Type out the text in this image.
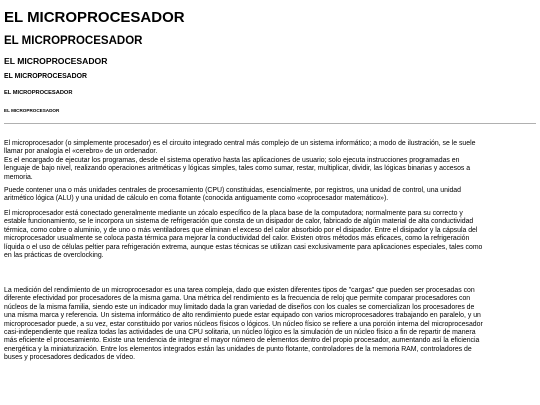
EL MICROPROCESADOR
EL MICROPROCESADOR
EL MICROPROCESADOR
EL MICROPROCESADOR
EL MICROPROCESADOR
EL MICROPROCESADOR

El microprocesador (o simplemente procesador) es el circuito integrado central más complejo de un sistema informático; a modo de ilustración, se le suele
llamar por analogía el «cerebro» de un ordenador.
Es el encargado de ejecutar los programas, desde el sistema operativo hasta las aplicaciones de usuario; solo ejecuta instrucciones programadas en
lenguaje de bajo nivel, realizando operaciones aritméticas y lógicas simples, tales como sumar, restar, multiplicar, dividir, las lógicas binarias y accesos a
memoria.

Puede contener una o más unidades centrales de procesamiento (CPU) constituidas, esencialmente, por registros, una unidad de control, una unidad
aritmético lógica (ALU) y una unidad de cálculo en coma flotante (conocida antiguamente como «coprocesador matemático»).

El microprocesador está conectado generalmente mediante un zócalo específico de la placa base de la computadora; normalmente para su correcto y
estable funcionamiento, se le incorpora un sistema de refrigeración que consta de un disipador de calor, fabricado de algún material de alta conductividad
térmica, como cobre o aluminio, y de uno o más ventiladores que eliminan el exceso del calor absorbido por el disipador. Entre el disipador y la cápsula del
microprocesador usualmente se coloca pasta térmica para mejorar la conductividad del calor. Existen otros métodos más eficaces, como la refrigeración
líquida o el uso de células peltier para refrigeración extrema, aunque estas técnicas se utilizan casi exclusivamente para aplicaciones especiales, tales como
en las prácticas de overclocking.

La medición del rendimiento de un microprocesador es una tarea compleja, dado que existen diferentes tipos de "cargas" que pueden ser procesadas con
diferente efectividad por procesadores de la misma gama. Una métrica del rendimiento es la frecuencia de reloj que permite comparar procesadores con
núcleos de la misma familia, siendo este un indicador muy limitado dada la gran variedad de diseños con los cuales se comercializan los procesadores de
una misma marca y referencia. Un sistema informático de alto rendimiento puede estar equipado con varios microprocesadores trabajando en paralelo, y un
microprocesador puede, a su vez, estar constituido por varios núcleos físicos o lógicos. Un núcleo físico se refiere a una porción interna del microprocesador
casi-independiente que realiza todas las actividades de una CPU solitaria, un núcleo lógico es la simulación de un núcleo físico a fin de repartir de manera
más eficiente el procesamiento. Existe una tendencia de integrar el mayor número de elementos dentro del propio procesador, aumentando así la eficiencia
energética y la miniaturización. Entre los elementos integrados están las unidades de punto flotante, controladores de la memoria RAM, controladores de
buses y procesadores dedicados de vídeo.
